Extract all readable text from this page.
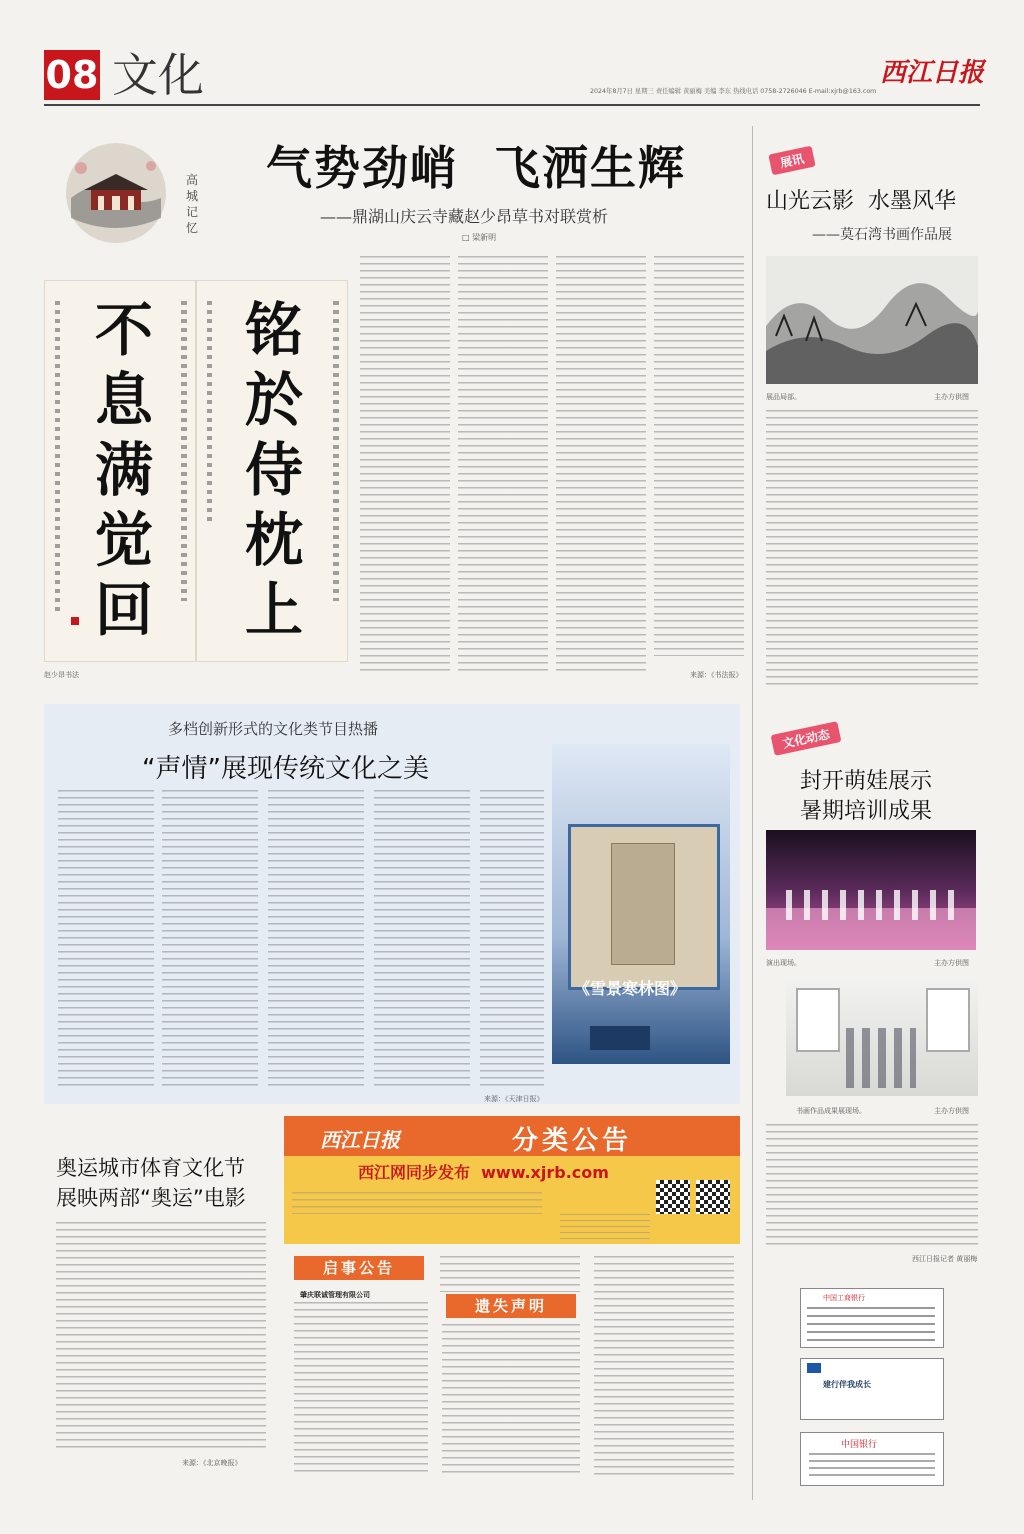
08 文化	西江日报
2024年8月7日 星期三 责任编辑 黄丽梅 美编 李东 热线电话 0758-2726046 E-mail:xjrb@163.com
高城记忆
气势劲峭  飞洒生辉
——鼎湖山庆云寺藏赵少昂草书对联赏析
□ 梁新明
铭於侍枕上
不息满觉回
赵少昂书法	来源：《书法报》
展讯
山光云影  水墨风华
——莫石湾书画作品展
展品局部。	主办方供图
多档创新形式的文化类节目热播
“声情”展现传统文化之美
来源：《天津日报》
《雪景寒林图》
文化动态
封开萌娃展示
暑期培训成果
演出现场。	主办方供图
书画作品成果展现场。	主办方供图
西江日报记者 黄丽梅
奥运城市体育文化节
展映两部“奥运”电影
来源：《北京晚报》
西江日报	分类公告
西江网同步发布  www.xjrb.com
启事公告
肇庆联诚管理有限公司
遗失声明	中国工商银行
建行伴我成长
中国银行
